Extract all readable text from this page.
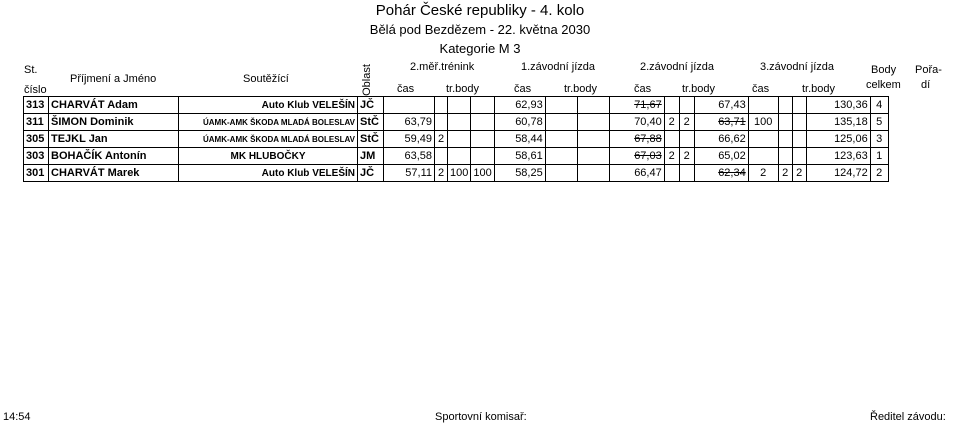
Pohár České republiky - 4. kolo
Bělá pod Bezdězem - 22. května 2030
Kategorie M 3
St.
číslo
Příjmení a Jméno	Soutěžící	Oblast	2.měř.trénink	1.závodní jízda	2.závodní jízda	3.závodní jízda
čas	tr.body	čas	tr.body	čas	tr.body	čas	tr.body
Body
celkem
Pořa-
dí
313	CHARVÁT Adam	Auto Klub VELEŠÍN	JČ					62,93			71,67			67,43				130,36	4
311	ŠIMON Dominik	ÚAMK-AMK ŠKODA MLADÁ BOLESLAV	StČ	63,79				60,78			70,40	2	2	63,71	100			135,18	5
305	TEJKL Jan	ÚAMK-AMK ŠKODA MLADÁ BOLESLAV	StČ	59,49	2			58,44			67,88			66,62				125,06	3
303	BOHAČÍK Antonín	MK HLUBOČKY	JM	63,58				58,61			67,03	2	2	65,02				123,63	1
301	CHARVÁT Marek	Auto Klub VELEŠÍN	JČ	57,11	2	100	100	58,25			66,47			62,34	2	2	2	124,72	2
14:54	Sportovní komisař:	Ředitel závodu:
